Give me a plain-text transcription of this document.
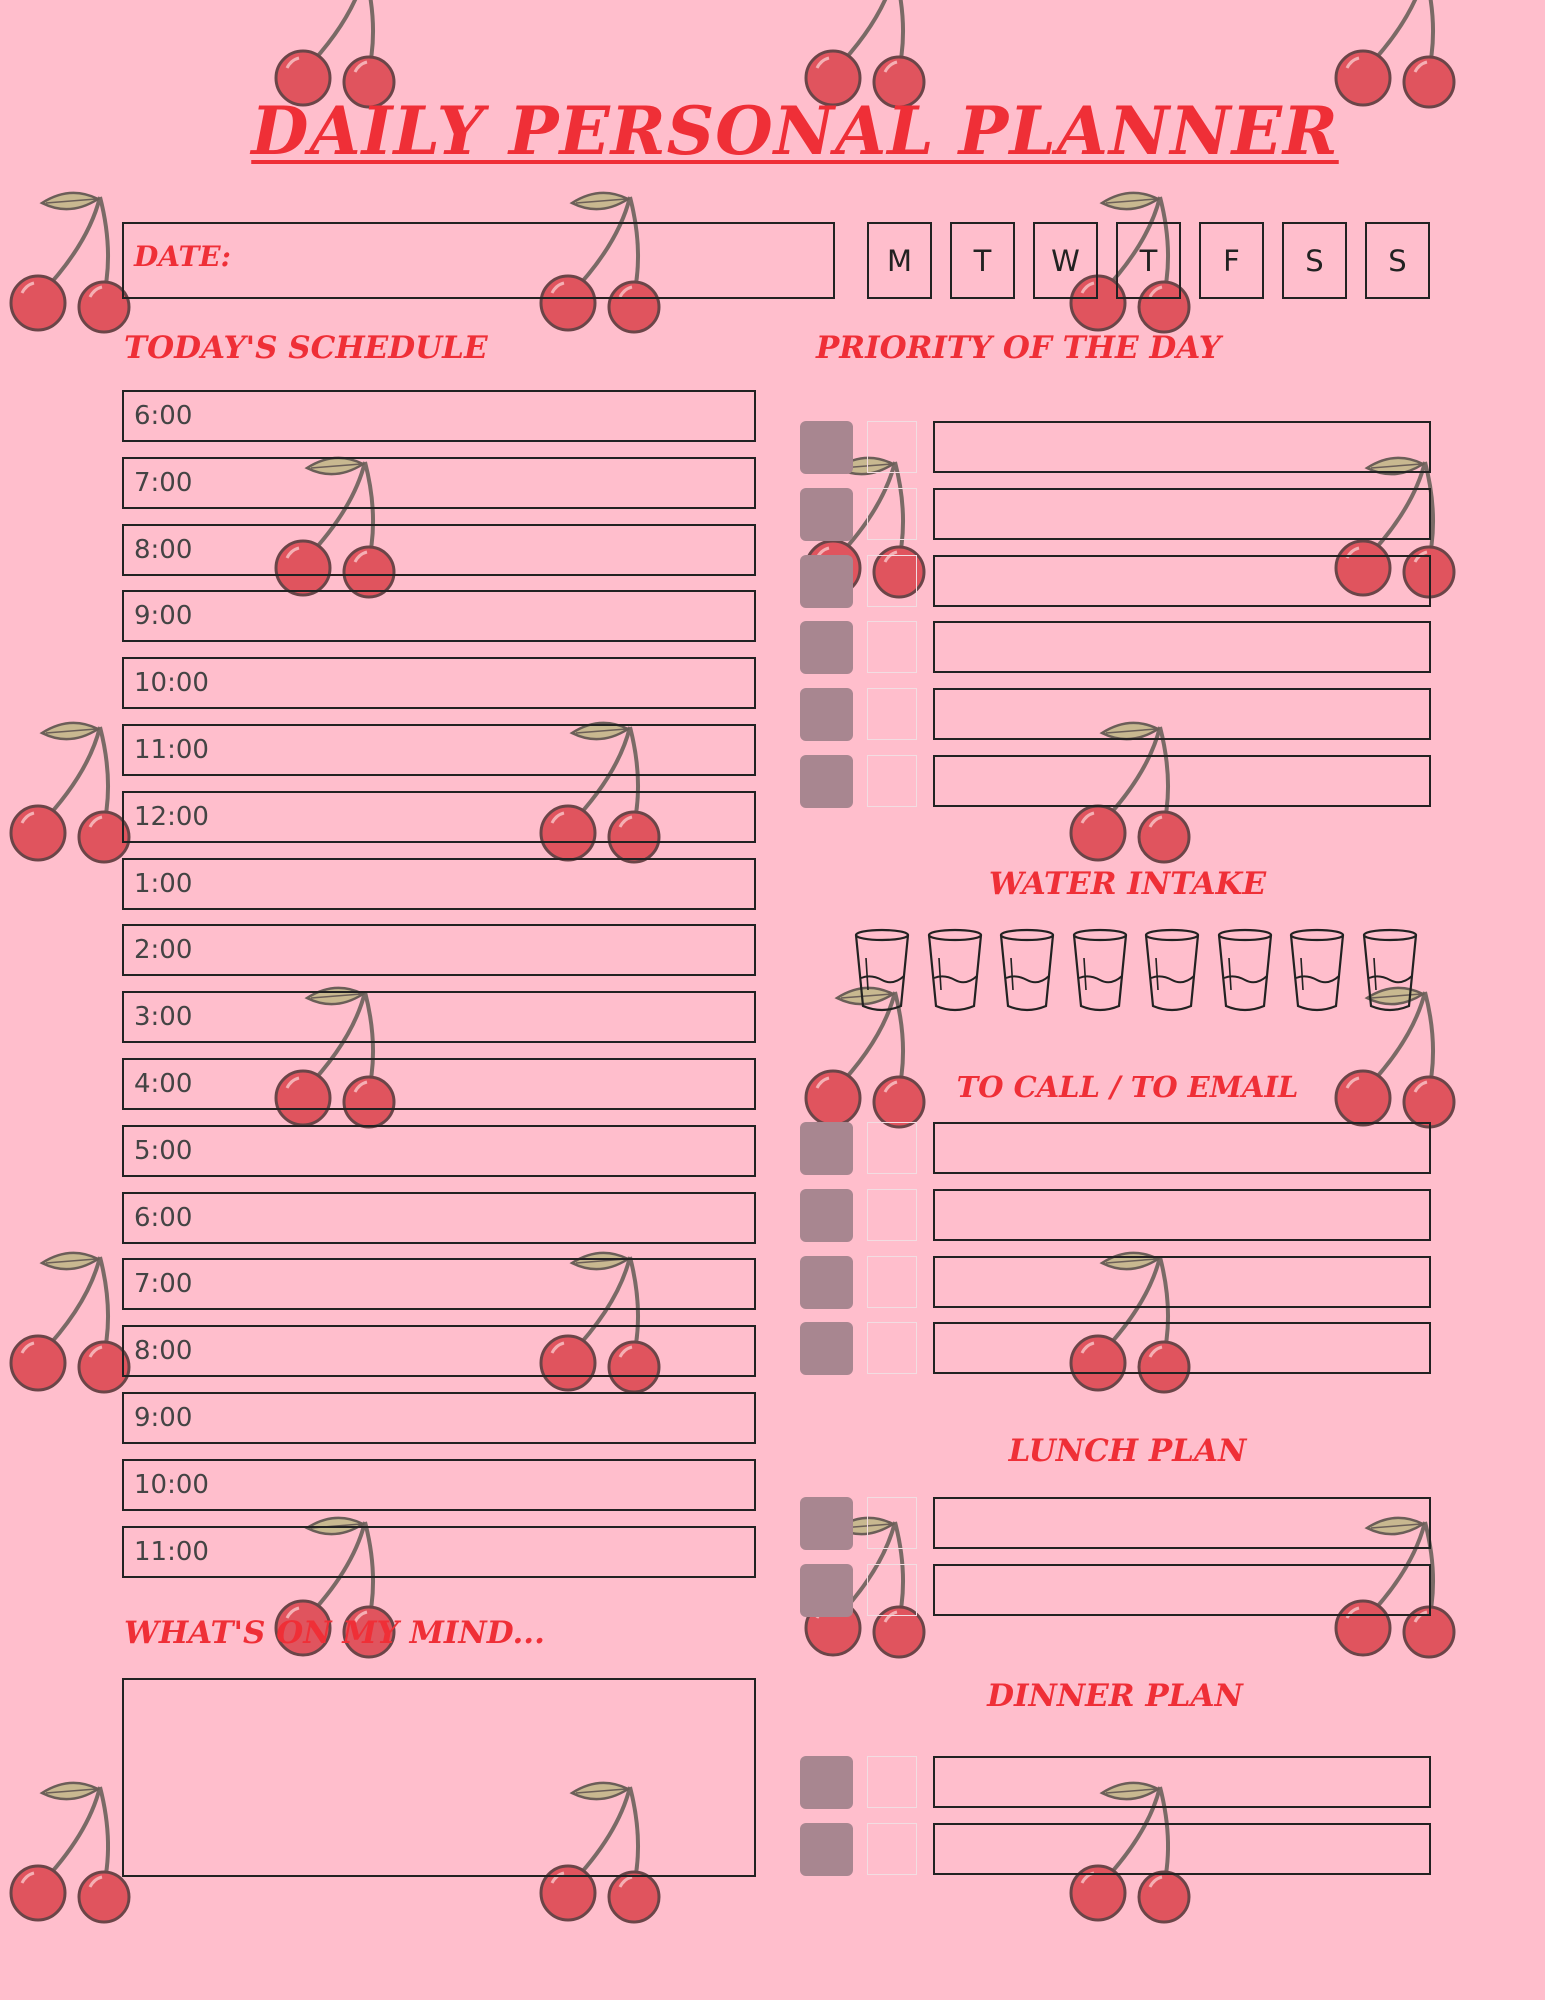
DAILY PERSONAL PLANNER
DATE:	M	T	W	T	F	S	S
TODAY'S SCHEDULE
6:00
7:00
8:00
9:00
10:00
11:00
12:00
1:00
2:00
3:00
4:00
5:00
6:00
7:00
8:00
9:00
10:00
11:00
WHAT'S ON MY MIND...
PRIORITY OF THE DAY
WATER INTAKE
TO CALL / TO EMAIL
LUNCH PLAN
DINNER PLAN
